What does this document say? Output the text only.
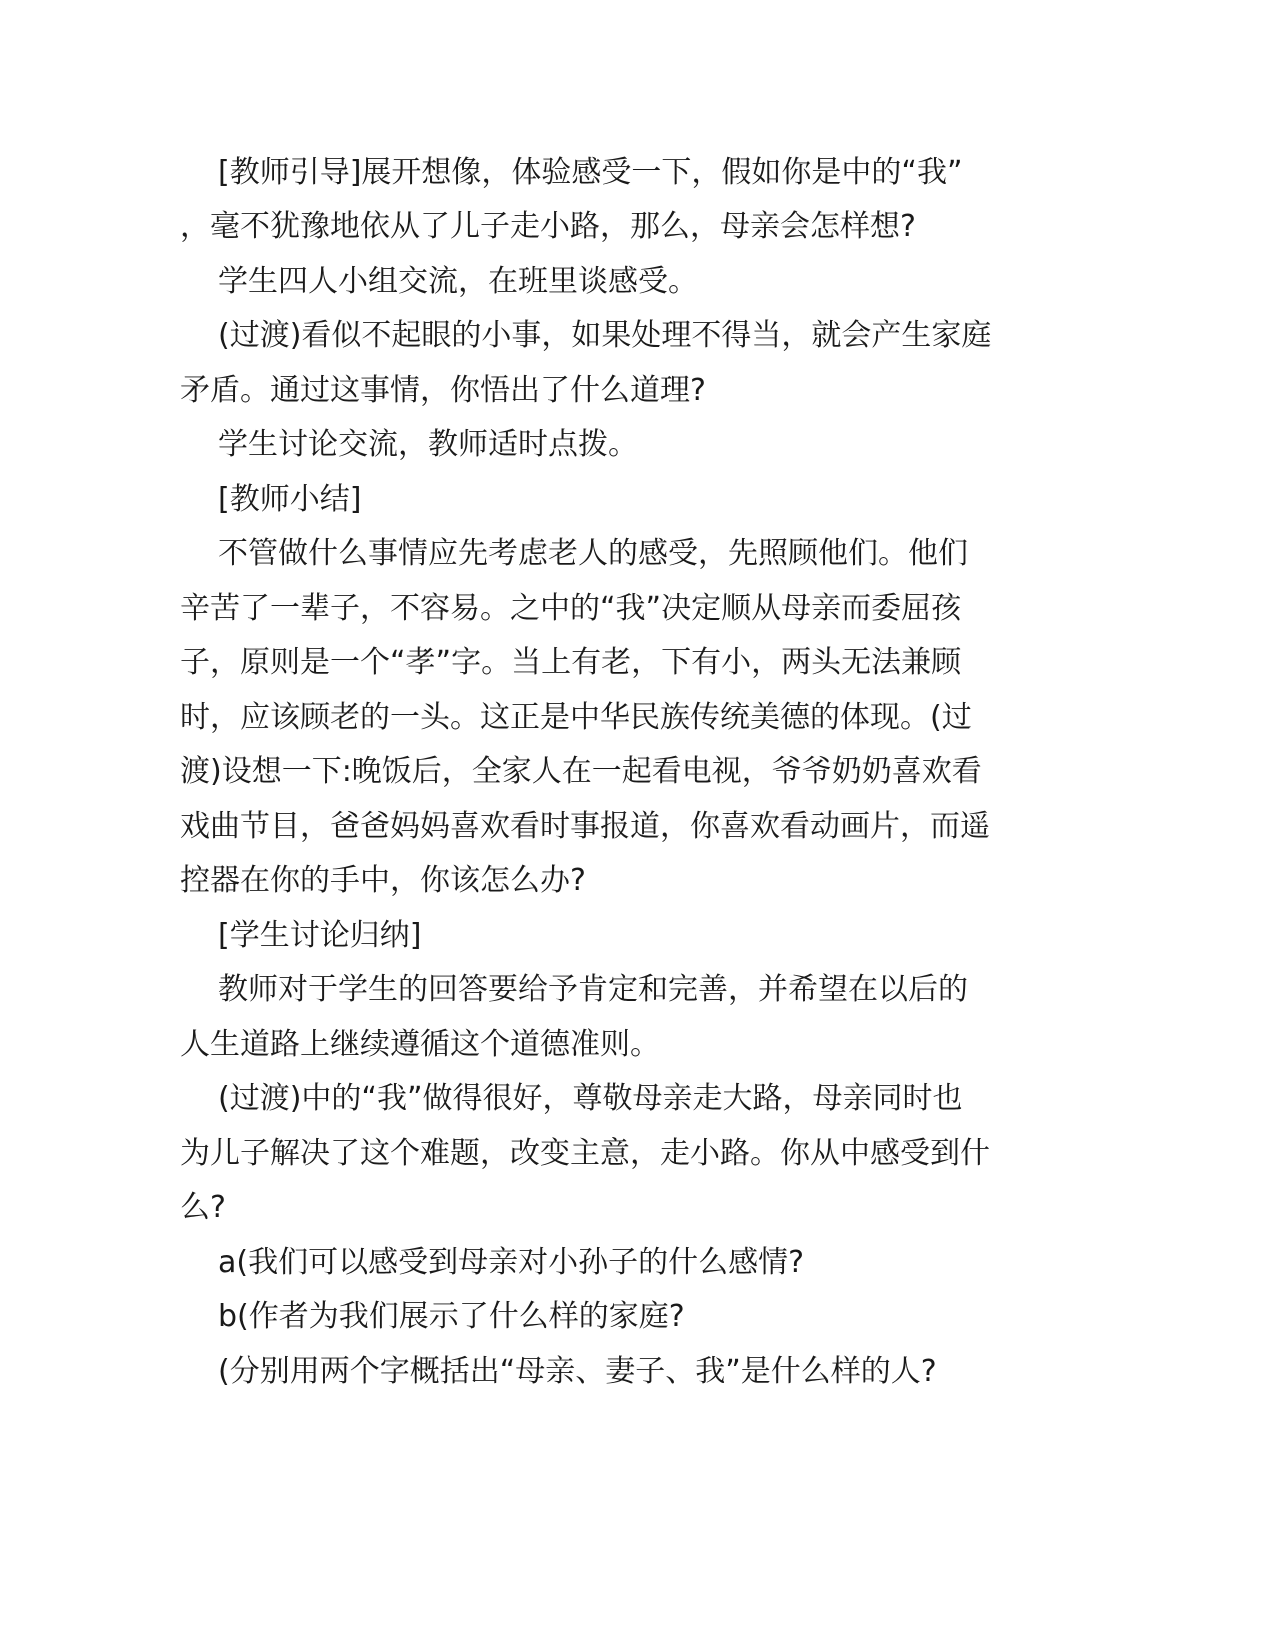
[教师引导]展开想像，体验感受一下，假如你是中的“我”
，毫不犹豫地依从了儿子走小路，那么，母亲会怎样想?
学生四人小组交流，在班里谈感受。
(过渡)看似不起眼的小事，如果处理不得当，就会产生家庭
矛盾。通过这事情，你悟出了什么道理?
学生讨论交流，教师适时点拨。
[教师小结]
不管做什么事情应先考虑老人的感受，先照顾他们。他们
辛苦了一辈子，不容易。之中的“我”决定顺从母亲而委屈孩
子，原则是一个“孝”字。当上有老，下有小，两头无法兼顾
时，应该顾老的一头。这正是中华民族传统美德的体现。(过
渡)设想一下:晚饭后，全家人在一起看电视，爷爷奶奶喜欢看
戏曲节目，爸爸妈妈喜欢看时事报道，你喜欢看动画片，而遥
控器在你的手中，你该怎么办?
[学生讨论归纳]
教师对于学生的回答要给予肯定和完善，并希望在以后的
人生道路上继续遵循这个道德准则。
(过渡)中的“我”做得很好，尊敬母亲走大路，母亲同时也
为儿子解决了这个难题，改变主意，走小路。你从中感受到什
么?
a(我们可以感受到母亲对小孙子的什么感情?
b(作者为我们展示了什么样的家庭?
(分别用两个字概括出“母亲、妻子、我”是什么样的人?
